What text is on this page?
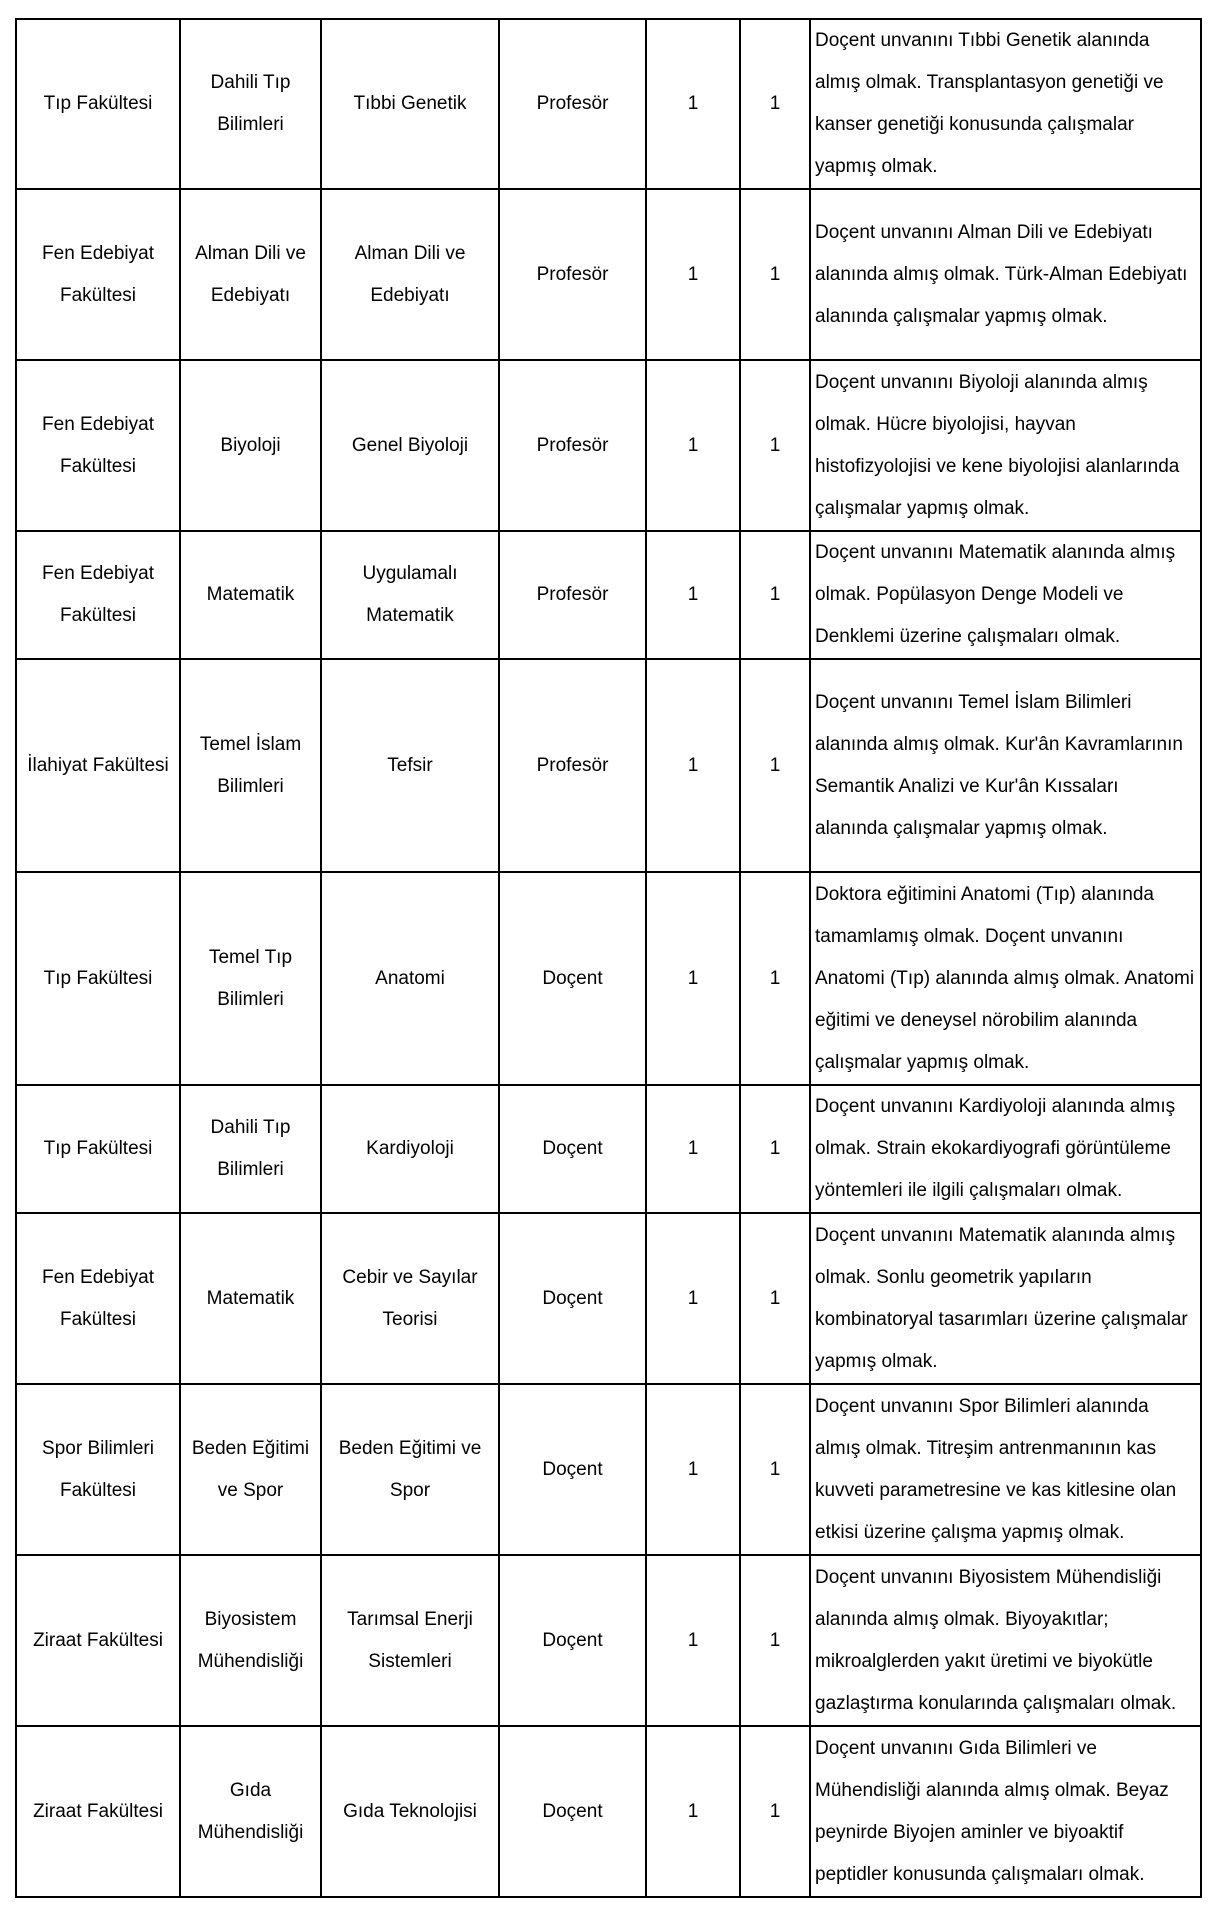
Tıp Fakültesi	Dahili Tıp Bilimleri	Tıbbi Genetik	Profesör	1	1	Doçent unvanını Tıbbi Genetik alanında almış olmak. Transplantasyon genetiği ve kanser genetiği konusunda çalışmalar yapmış olmak.
Fen Edebiyat Fakültesi	Alman Dili ve Edebiyatı	Alman Dili ve Edebiyatı	Profesör	1	1	Doçent unvanını Alman Dili ve Edebiyatı alanında almış olmak. Türk-Alman Edebiyatı alanında çalışmalar yapmış olmak.
Fen Edebiyat Fakültesi	Biyoloji	Genel Biyoloji	Profesör	1	1	Doçent unvanını Biyoloji alanında almış olmak. Hücre biyolojisi, hayvan histofizyolojisi ve kene biyolojisi alanlarında çalışmalar yapmış olmak.
Fen Edebiyat Fakültesi	Matematik	Uygulamalı Matematik	Profesör	1	1	Doçent unvanını Matematik alanında almış olmak. Popülasyon Denge Modeli ve Denklemi üzerine çalışmaları olmak.
İlahiyat Fakültesi	Temel İslam Bilimleri	Tefsir	Profesör	1	1	Doçent unvanını Temel İslam Bilimleri alanında almış olmak. Kur'ân Kavramlarının Semantik Analizi ve Kur'ân Kıssaları alanında çalışmalar yapmış olmak.
Tıp Fakültesi	Temel Tıp Bilimleri	Anatomi	Doçent	1	1	Doktora eğitimini Anatomi (Tıp) alanında tamamlamış olmak. Doçent unvanını Anatomi (Tıp) alanında almış olmak. Anatomi eğitimi ve deneysel nörobilim alanında çalışmalar yapmış olmak.
Tıp Fakültesi	Dahili Tıp Bilimleri	Kardiyoloji	Doçent	1	1	Doçent unvanını Kardiyoloji alanında almış olmak. Strain ekokardiyografi görüntüleme yöntemleri ile ilgili çalışmaları olmak.
Fen Edebiyat Fakültesi	Matematik	Cebir ve Sayılar Teorisi	Doçent	1	1	Doçent unvanını Matematik alanında almış olmak. Sonlu geometrik yapıların kombinatoryal tasarımları üzerine çalışmalar yapmış olmak.
Spor Bilimleri Fakültesi	Beden Eğitimi ve Spor	Beden Eğitimi ve Spor	Doçent	1	1	Doçent unvanını Spor Bilimleri alanında almış olmak. Titreşim antrenmanının kas kuvveti parametresine ve kas kitlesine olan etkisi üzerine çalışma yapmış olmak.
Ziraat Fakültesi	Biyosistem Mühendisliği	Tarımsal Enerji Sistemleri	Doçent	1	1	Doçent unvanını Biyosistem Mühendisliği alanında almış olmak. Biyoyakıtlar; mikroalglerden yakıt üretimi ve biyokütle gazlaştırma konularında çalışmaları olmak.
Ziraat Fakültesi	Gıda Mühendisliği	Gıda Teknolojisi	Doçent	1	1	Doçent unvanını Gıda Bilimleri ve Mühendisliği alanında almış olmak. Beyaz peynirde Biyojen aminler ve biyoaktif peptidler konusunda çalışmaları olmak.
